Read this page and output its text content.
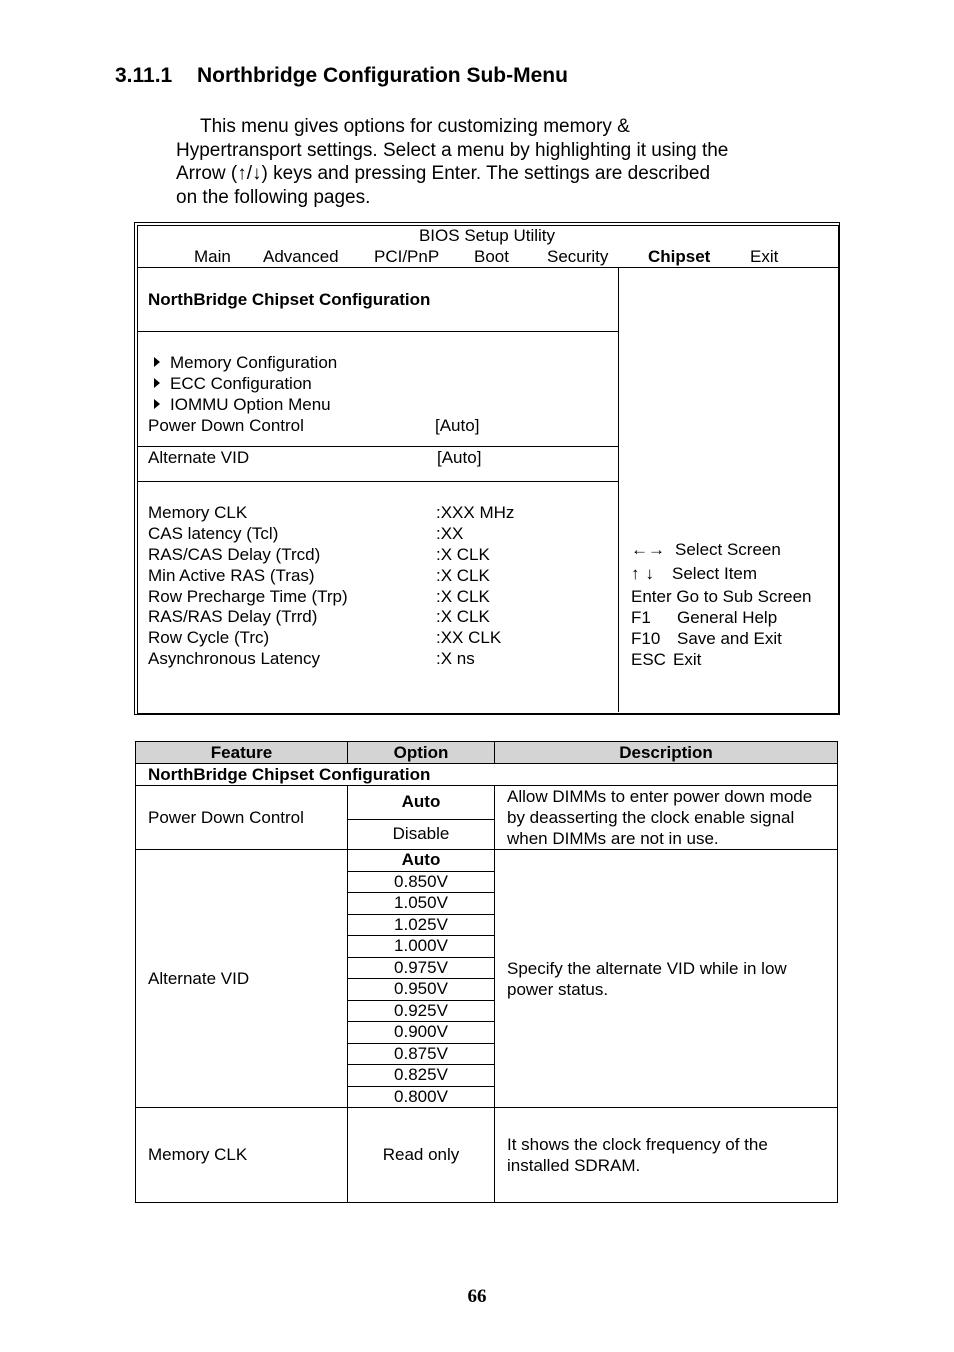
3.11.1 Northbridge Configuration Sub-Menu
This menu gives options for customizing memory &
Hypertransport settings. Select a menu by highlighting it using the
Arrow (↑/↓) keys and pressing Enter. The settings are described
on the following pages.
BIOS Setup Utility
Main Advanced PCI/PnP Boot Security Chipset Exit
NorthBridge Chipset Configuration
Memory Configuration
ECC Configuration
IOMMU Option Menu
Power Down Control	[Auto]
Alternate VID	[Auto]
Memory CLK	:XXX MHz
CAS latency (Tcl)	:XX
RAS/CAS Delay (Trcd)	:X CLK
Min Active RAS (Tras)	:X CLK
Row Precharge Time (Trp)	:X CLK
RAS/RAS Delay (Trrd)	:X CLK
Row Cycle (Trc)	:XX CLK
Asynchronous Latency	:X ns
←→ Select Screen
↑↓ Select Item
Enter Go to Sub Screen
F1 General Help
F10 Save and Exit
ESC Exit
Feature	Option	Description
NorthBridge Chipset Configuration		
Power Down Control	Auto	Allow DIMMs to enter power down mode by deasserting the clock enable signal when DIMMs are not in use.
	Disable	
Alternate VID	Auto	Specify the alternate VID while in low power status.
	0.850V	
	1.050V	
	1.025V	
	1.000V	
	0.975V	
	0.950V	
	0.925V	
	0.900V	
	0.875V	
	0.825V	
	0.800V	
Memory CLK	Read only	It shows the clock frequency of the installed SDRAM.
66
